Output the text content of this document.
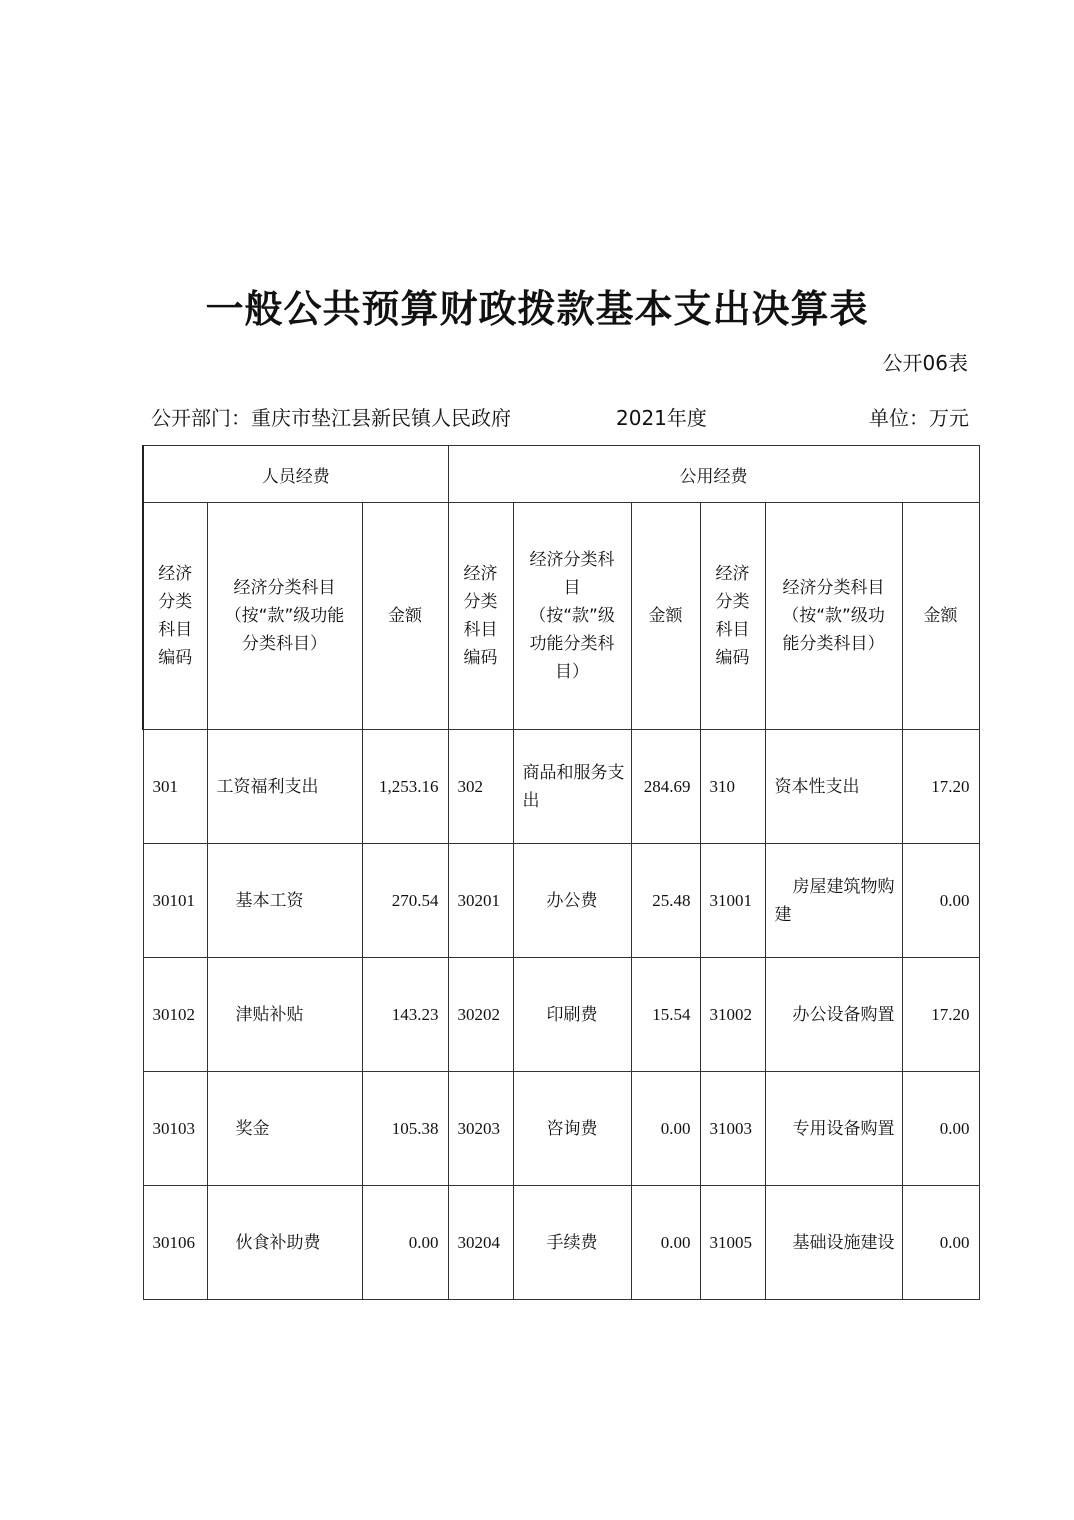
一般公共预算财政拨款基本支出决算表
公开06表
公开部门：重庆市垫江县新民镇人民政府	2021年度	单位：万元
人员经费			公用经费					
经济分类科目编码	经济分类科目（按“款”级功能分类科目）	金额	经济分类科目编码	经济分类科目（按“款”级功能分类科目）	金额	经济分类科目编码	经济分类科目（按“款”级功能分类科目）	金额
301	工资福利支出	1,253.16	302	商品和服务支出	284.69	310	资本性支出	17.20
30101	基本工资	270.54	30201	办公费	25.48	31001	房屋建筑物购建	0.00
30102	津贴补贴	143.23	30202	印刷费	15.54	31002	办公设备购置	17.20
30103	奖金	105.38	30203	咨询费	0.00	31003	专用设备购置	0.00
30106	伙食补助费	0.00	30204	手续费	0.00	31005	基础设施建设	0.00
